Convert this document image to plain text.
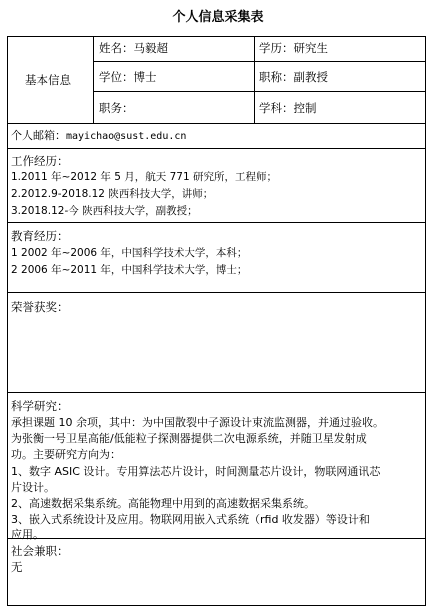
个人信息采集表
基本信息
姓名：马毅超	学历：研究生
学位：博士	职称：副教授
职务：	学科：控制
个人邮箱：mayichao@sust.edu.cn
工作经历：
1.2011 年~2012 年 5 月，航天 771 研究所，工程师；
2.2012.9-2018.12 陕西科技大学，讲师；
3.2018.12-今 陕西科技大学，副教授；
教育经历：
1 2002 年~2006 年，中国科学技术大学，本科；
2 2006 年~2011 年，中国科学技术大学，博士；
荣誉获奖：
科学研究：
承担课题 10 余项，其中：为中国散裂中子源设计束流监测器，并通过验收。
为张衡一号卫星高能/低能粒子探测器提供二次电源系统，并随卫星发射成
功。主要研究方向为：
1、数字 ASIC 设计。专用算法芯片设计，时间测量芯片设计，物联网通讯芯
片设计。
2、高速数据采集系统。高能物理中用到的高速数据采集系统。
3、嵌入式系统设计及应用。物联网用嵌入式系统（rfid 收发器）等设计和
应用。
社会兼职：
无
